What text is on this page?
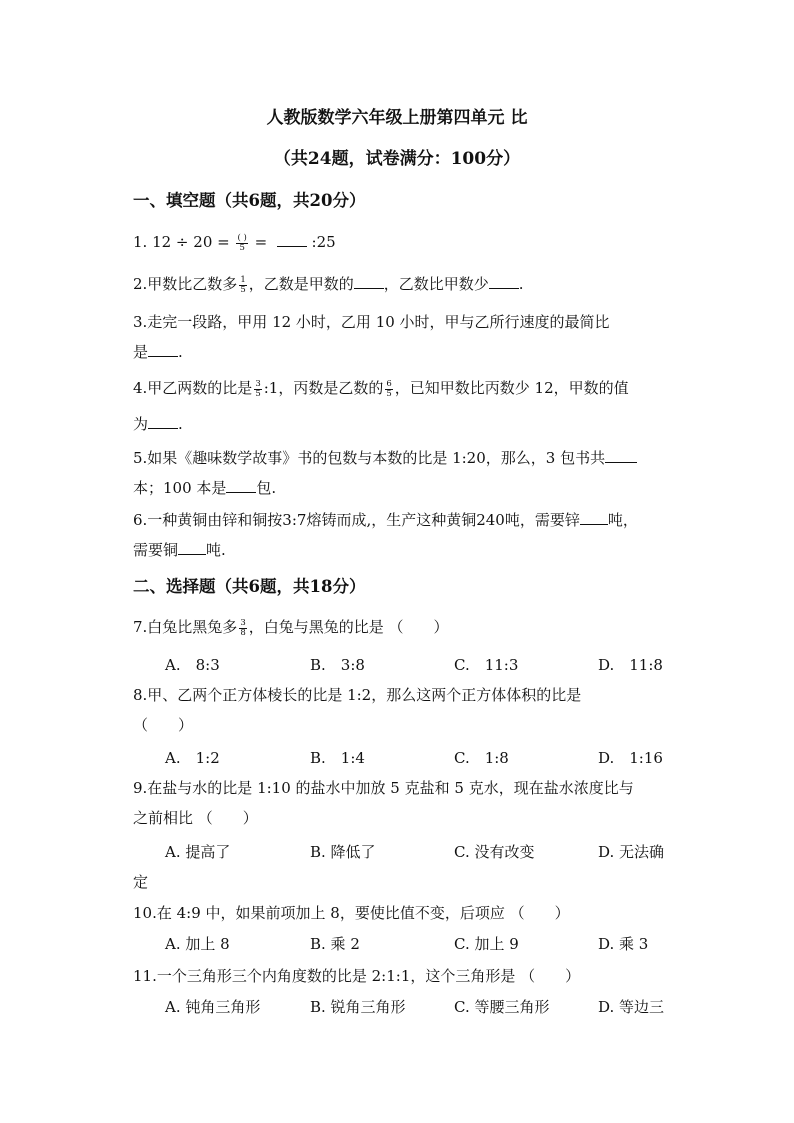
人教版数学六年级上册第四单元 比
（共24题，试卷满分：100分）
一、填空题（共6题，共20分）
1. $12 \div 20 = \frac{( )}{5}$ =	:25
2.甲数比乙数多 $\frac{1}{5}$ ，乙数是甲数的 ，乙数比甲数少 .
3.走完一段路，甲用 12 小时，乙用 10 小时，甲与乙所行速度的最简比
是 .
4.甲乙两数的比是 $\frac{3}{5}$ :1，丙数是乙数的 $\frac{6}{5}$ ，已知甲数比丙数少 12，甲数的值
为 .
5.如果《趣味数学故事》书的包数与本数的比是 1:20，那么，3 包书共
本；100 本是 包.
6.一种黄铜由锌和铜按3:7熔铸而成,，生产这种黄铜240吨，需要锌 吨，
需要铜 吨.
二、选择题（共6题，共18分）
7.白兔比黑兔多 $\frac{3}{8}$ ，白兔与黑兔的比是 （　　）
A.　8:3	B.　3:8	C.　11:3	D.　11:8
8.甲、乙两个正方体棱长的比是 1:2，那么这两个正方体体积的比是
（　　）
A.　1:2	B.　1:4	C.　1:8	D.　1:16
9.在盐与水的比是 1:10 的盐水中加放 5 克盐和 5 克水，现在盐水浓度比与
之前相比 （　　）
A. 提高了	B. 降低了	C. 没有改变	D. 无法确
定
10.在 4:9 中，如果前项加上 8，要使比值不变，后项应 （　　）
A. 加上 8	B. 乘 2	C. 加上 9	D. 乘 3
11.一个三角形三个内角度数的比是 2:1:1，这个三角形是 （　　）
A. 钝角三角形	B. 锐角三角形	C. 等腰三角形	D. 等边三
